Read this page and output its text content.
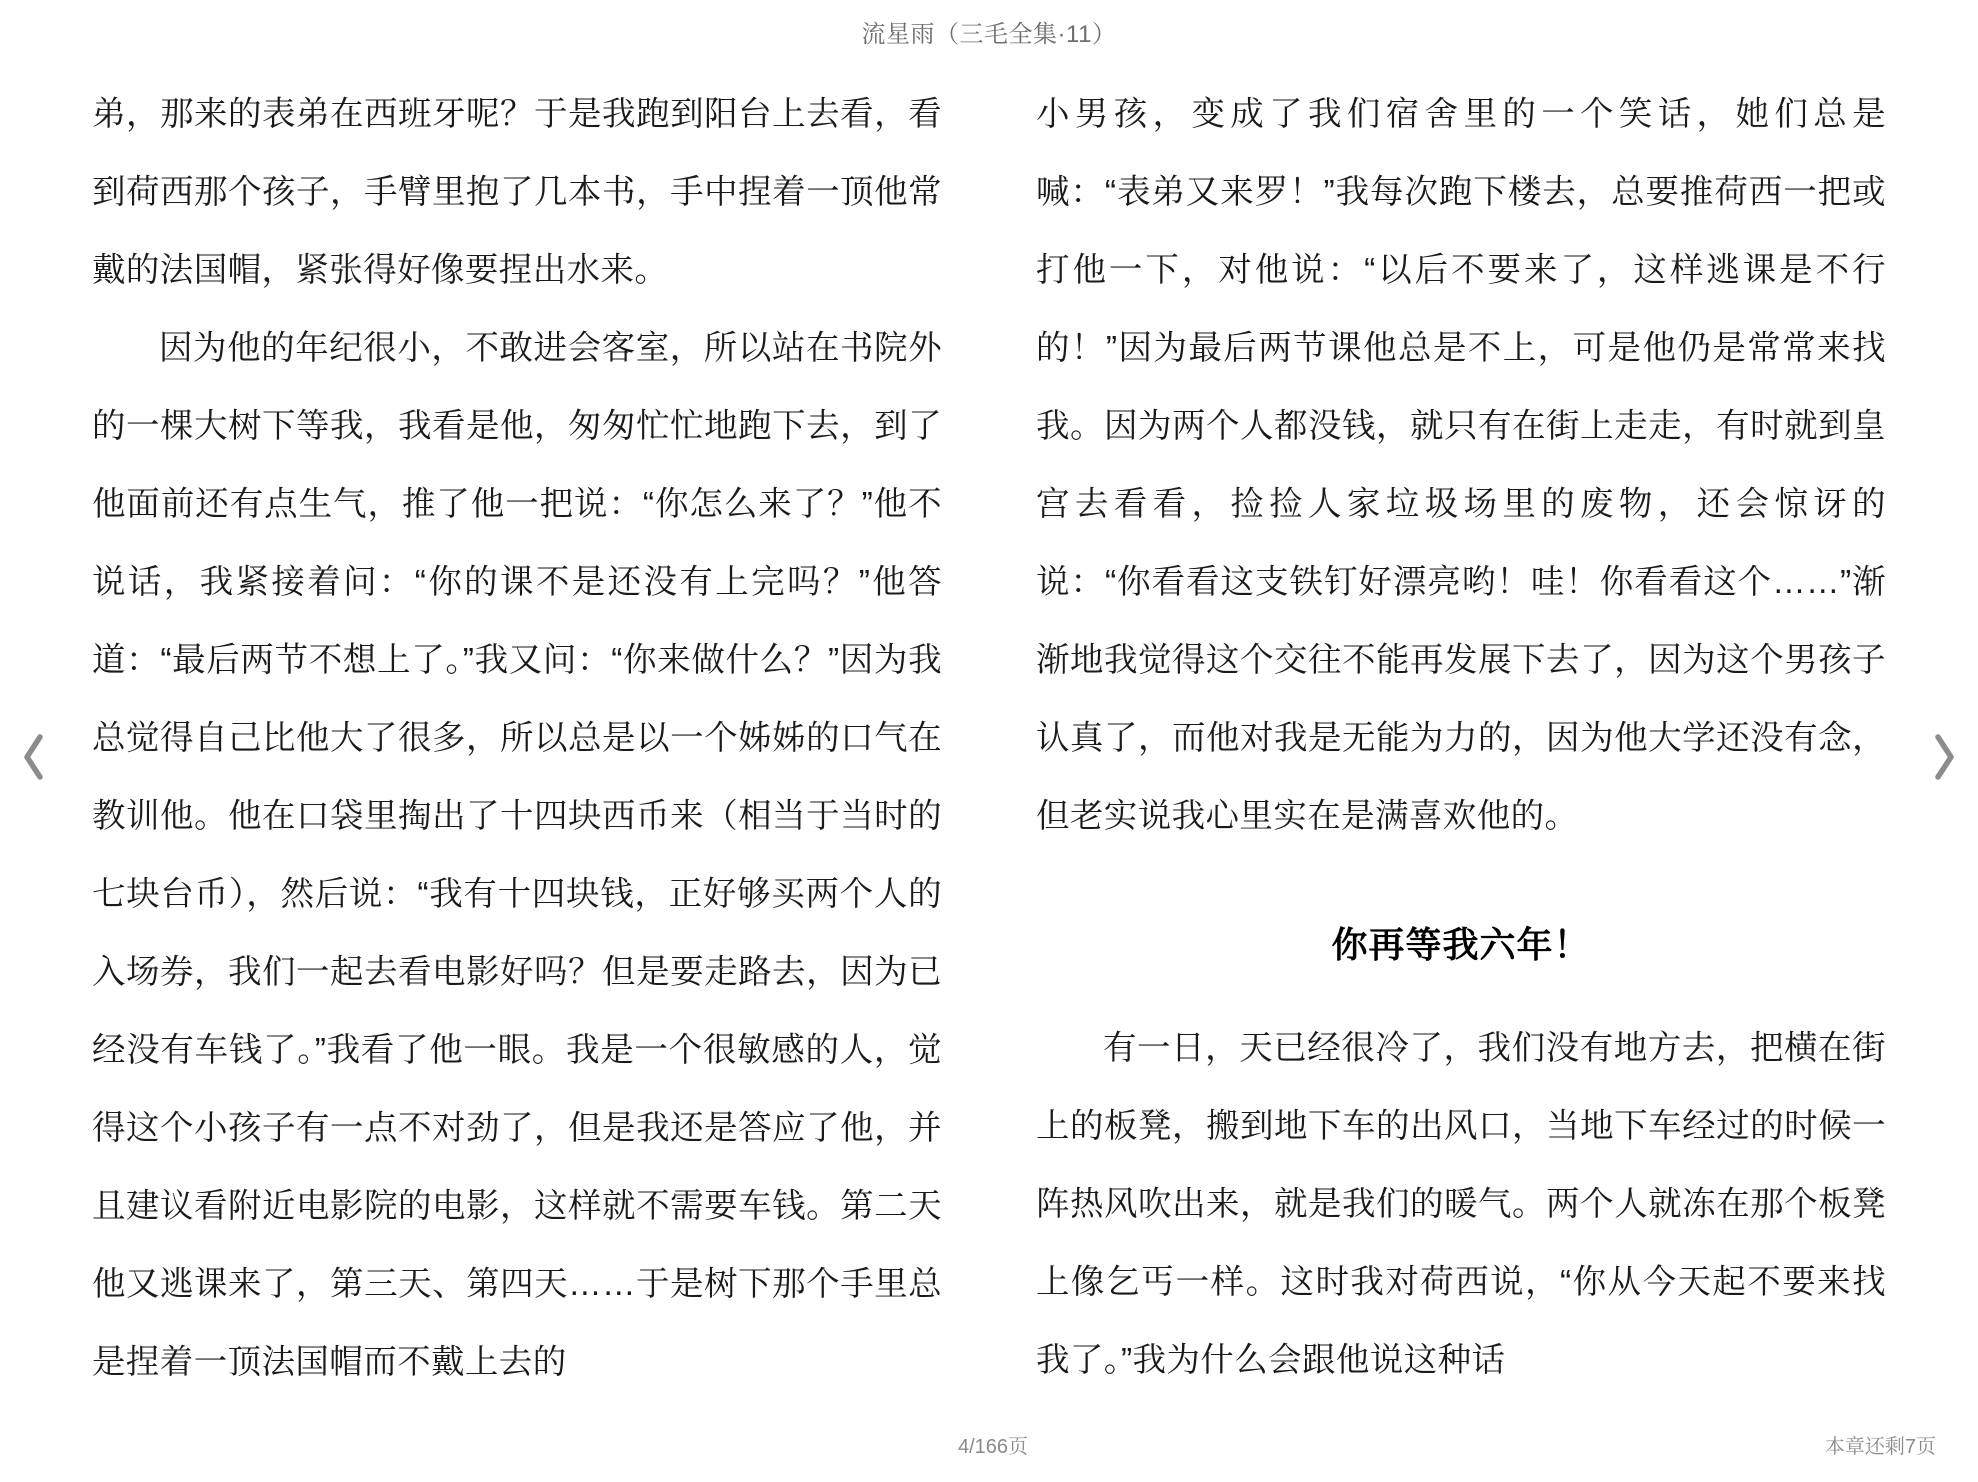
流星雨（三毛全集·11）

弟，那来的表弟在西班牙呢？于是我跑到阳台上去看，看到荷西那个孩子，手臂里抱了几本书，手中捏着一顶他常戴的法国帽，紧张得好像要捏出水来。

因为他的年纪很小，不敢进会客室，所以站在书院外的一棵大树下等我，我看是他，匆匆忙忙地跑下去，到了他面前还有点生气，推了他一把说：“你怎么来了？”他不说话，我紧接着问：“你的课不是还没有上完吗？”他答道：“最后两节不想上了。”我又问：“你来做什么？”因为我总觉得自己比他大了很多，所以总是以一个姊姊的口气在教训他。他在口袋里掏出了十四块西币来（相当于当时的七块台币），然后说：“我有十四块钱，正好够买两个人的入场券，我们一起去看电影好吗？但是要走路去，因为已经没有车钱了。”我看了他一眼。我是一个很敏感的人，觉得这个小孩子有一点不对劲了，但是我还是答应了他，并且建议看附近电影院的电影，这样就不需要车钱。第二天他又逃课来了，第三天、第四天……于是树下那个手里总是捏着一顶法国帽而不戴上去的

小男孩，变成了我们宿舍里的一个笑话，她们总是喊：“表弟又来罗！”我每次跑下楼去，总要推荷西一把或打他一下，对他说：“以后不要来了，这样逃课是不行的！”因为最后两节课他总是不上，可是他仍是常常来找我。因为两个人都没钱，就只有在街上走走，有时就到皇宫去看看，捡捡人家垃圾场里的废物，还会惊讶的说：“你看看这支铁钉好漂亮哟！哇！你看看这个……”渐渐地我觉得这个交往不能再发展下去了，因为这个男孩子认真了，而他对我是无能为力的，因为他大学还没有念，但老实说我心里实在是满喜欢他的。

你再等我六年！

有一日，天已经很冷了，我们没有地方去，把横在街上的板凳，搬到地下车的出风口，当地下车经过的时候一阵热风吹出来，就是我们的暖气。两个人就冻在那个板凳上像乞丐一样。这时我对荷西说，“你从今天起不要来找我了。”我为什么会跟他说这种话

4/166页	本章还剩7页
